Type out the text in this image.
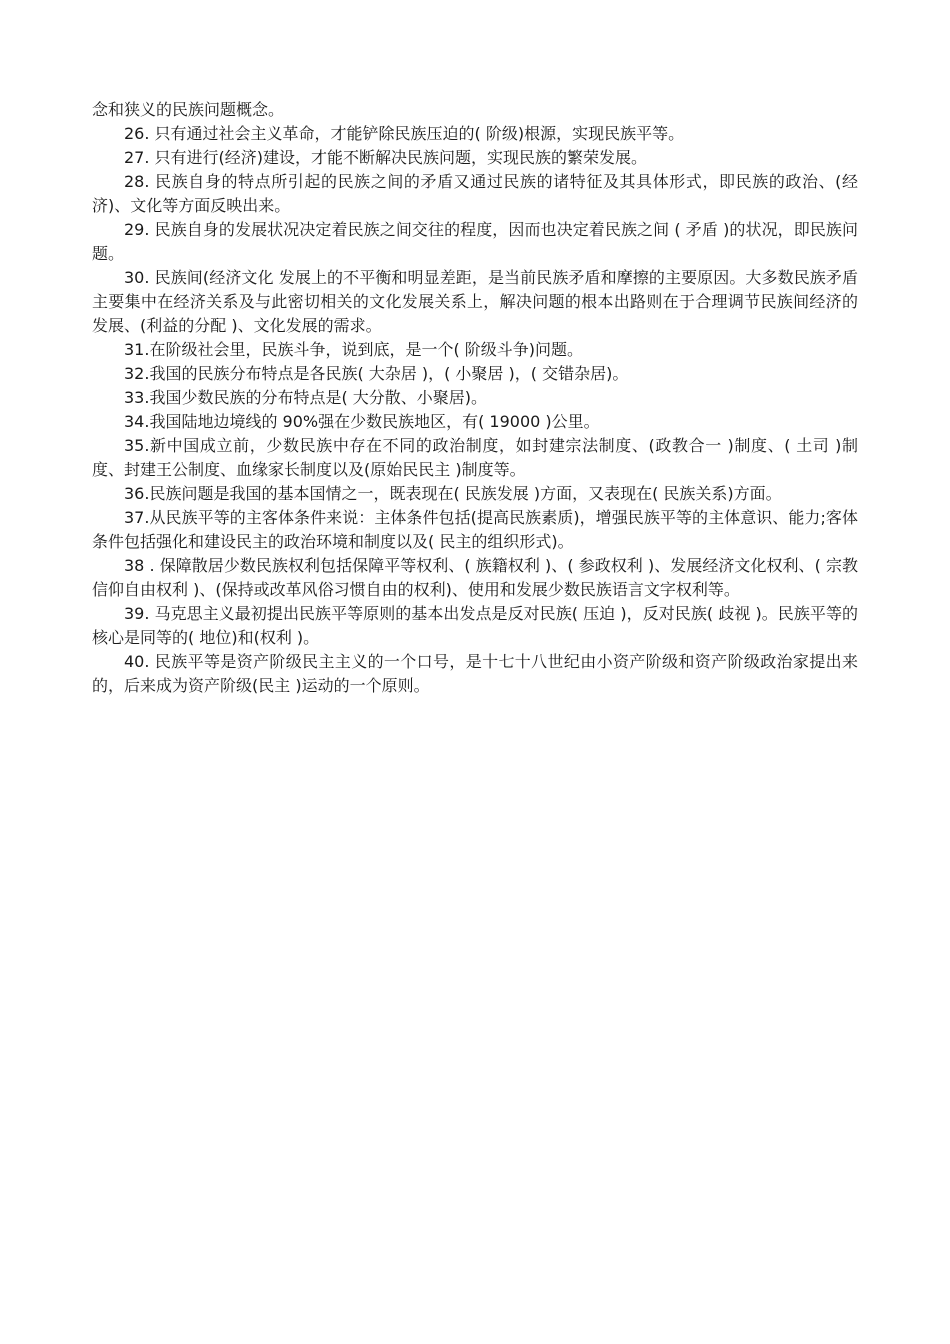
念和狭义的民族问题概念。

26. 只有通过社会主义革命，才能铲除民族压迫的( 阶级)根源，实现民族平等。

27. 只有进行(经济)建设，才能不断解决民族问题，实现民族的繁荣发展。

28. 民族自身的特点所引起的民族之间的矛盾又通过民族的诸特征及其具体形式，即民族的政治、(经济)、文化等方面反映出来。

29. 民族自身的发展状况决定着民族之间交往的程度，因而也决定着民族之间 ( 矛盾 )的状况，即民族问题。

30. 民族间(经济文化 发展上的不平衡和明显差距，是当前民族矛盾和摩擦的主要原因。大多数民族矛盾主要集中在经济关系及与此密切相关的文化发展关系上，解决问题的根本出路则在于合理调节民族间经济的发展、(利益的分配 )、文化发展的需求。

31.在阶级社会里，民族斗争，说到底，是一个( 阶级斗争)问题。

32.我国的民族分布特点是各民族( 大杂居 )，( 小聚居 )，( 交错杂居)。

33.我国少数民族的分布特点是( 大分散、小聚居)。

34.我国陆地边境线的 90%强在少数民族地区，有( 19000 )公里。

35.新中国成立前，少数民族中存在不同的政治制度，如封建宗法制度、(政教合一 )制度、( 土司 )制度、封建王公制度、血缘家长制度以及(原始民民主 )制度等。

36.民族问题是我国的基本国情之一，既表现在( 民族发展 )方面，又表现在( 民族关系)方面。

37.从民族平等的主客体条件来说：主体条件包括(提高民族素质)，增强民族平等的主体意识、能力;客体条件包括强化和建设民主的政治环境和制度以及( 民主的组织形式)。

38 . 保障散居少数民族权利包括保障平等权利、( 族籍权利 )、( 参政权利 )、发展经济文化权利、( 宗教信仰自由权利 )、(保持或改革风俗习惯自由的权利)、使用和发展少数民族语言文字权利等。

39. 马克思主义最初提出民族平等原则的基本出发点是反对民族( 压迫 )，反对民族( 歧视 )。民族平等的核心是同等的( 地位)和(权利 )。

40. 民族平等是资产阶级民主主义的一个口号，是十七十八世纪由小资产阶级和资产阶级政治家提出来的，后来成为资产阶级(民主 )运动的一个原则。
